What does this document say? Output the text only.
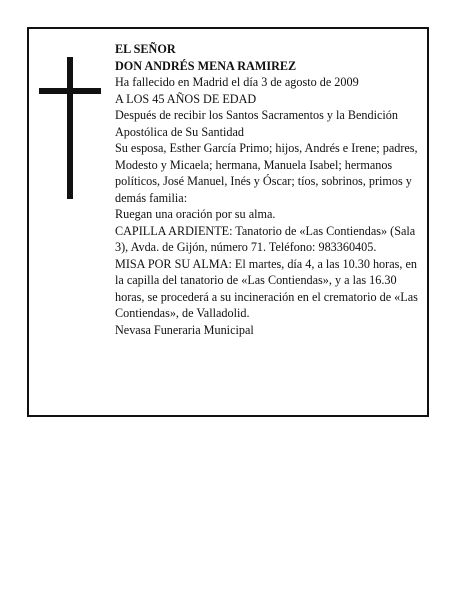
EL SEÑOR

DON ANDRÉS MENA RAMIREZ

Ha fallecido en Madrid el día 3 de agosto de 2009

A LOS 45 AÑOS DE EDAD

Después de recibir los Santos Sacramentos y la Bendición Apostólica de Su Santidad

Su esposa, Esther García Primo; hijos, Andrés e Irene; padres, Modesto y Micaela; hermana, Manuela Isabel; hermanos políticos, José Manuel, Inés y Óscar; tíos, sobrinos, primos y demás familia:

Ruegan una oración por su alma.

CAPILLA ARDIENTE: Tanatorio de «Las Contiendas» (Sala 3), Avda. de Gijón, número 71. Teléfono: 983360405.

MISA POR SU ALMA: El martes, día 4, a las 10.30 horas, en la capilla del tanatorio de «Las Contiendas», y a las 16.30 horas, se procederá a su incineración en el crematorio de «Las Contiendas», de Valladolid.

Nevasa Funeraria Municipal
